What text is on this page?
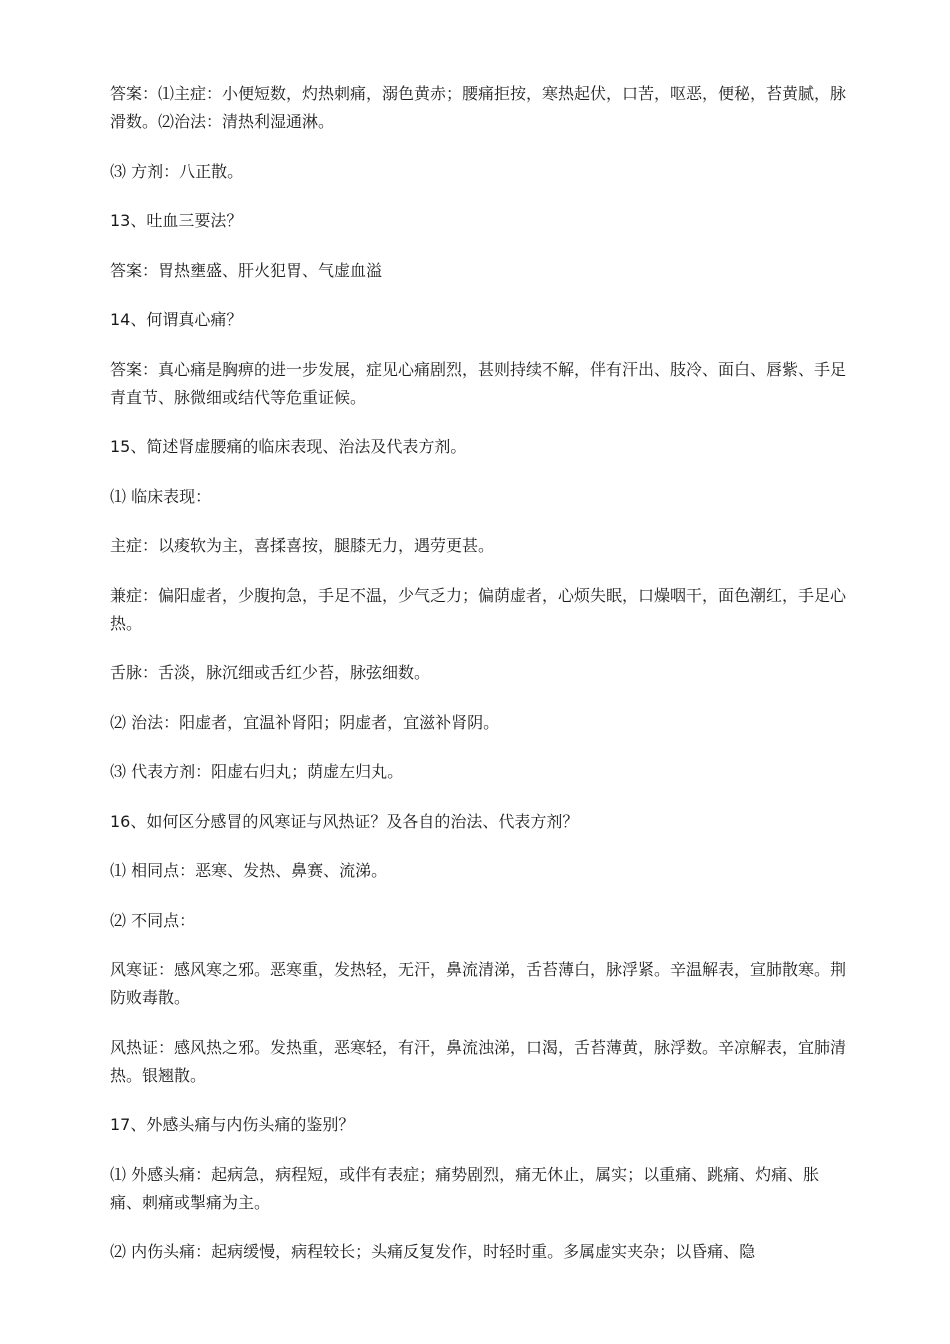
答案：⑴主症：小便短数，灼热刺痛，溺色黄赤；腰痛拒按，寒热起伏，口苦，呕恶，便秘，苔黄腻，脉滑数。⑵治法：清热利湿通淋。

⑶ 方剂：八正散。

13、吐血三要法？

答案：胃热壅盛、肝火犯胃、气虚血溢

14、何谓真心痛？

答案：真心痛是胸痹的进一步发展，症见心痛剧烈，甚则持续不解，伴有汗出、肢冷、面白、唇紫、手足青直节、脉微细或结代等危重证候。

15、简述肾虚腰痛的临床表现、治法及代表方剂。

⑴ 临床表现：

主症：以痠软为主，喜揉喜按，腿膝无力，遇劳更甚。

兼症：偏阳虚者，少腹拘急，手足不温，少气乏力；偏荫虚者，心烦失眠，口燥咽干，面色潮红，手足心热。

舌脉：舌淡，脉沉细或舌红少苔，脉弦细数。

⑵ 治法：阳虚者，宜温补肾阳；阴虚者，宜滋补肾阴。

⑶ 代表方剂：阳虚右归丸；荫虚左归丸。

16、如何区分感冒的风寒证与风热证？及各自的治法、代表方剂？

⑴ 相同点：恶寒、发热、鼻赛、流涕。

⑵ 不同点：

风寒证：感风寒之邪。恶寒重，发热轻，无汗，鼻流清涕，舌苔薄白，脉浮紧。辛温解表，宣肺散寒。荆防败毒散。

风热证：感风热之邪。发热重，恶寒轻，有汗，鼻流浊涕，口渴，舌苔薄黄，脉浮数。辛凉解表，宜肺清热。银翘散。

17、外感头痛与内伤头痛的鉴别？

⑴ 外感头痛：起病急，病程短，或伴有表症；痛势剧烈，痛无休止，属实；以重痛、跳痛、灼痛、胀痛、刺痛或掣痛为主。

⑵ 内伤头痛：起病缓慢，病程较长；头痛反复发作，时轻时重。多属虚实夹杂；以昏痛、隐
